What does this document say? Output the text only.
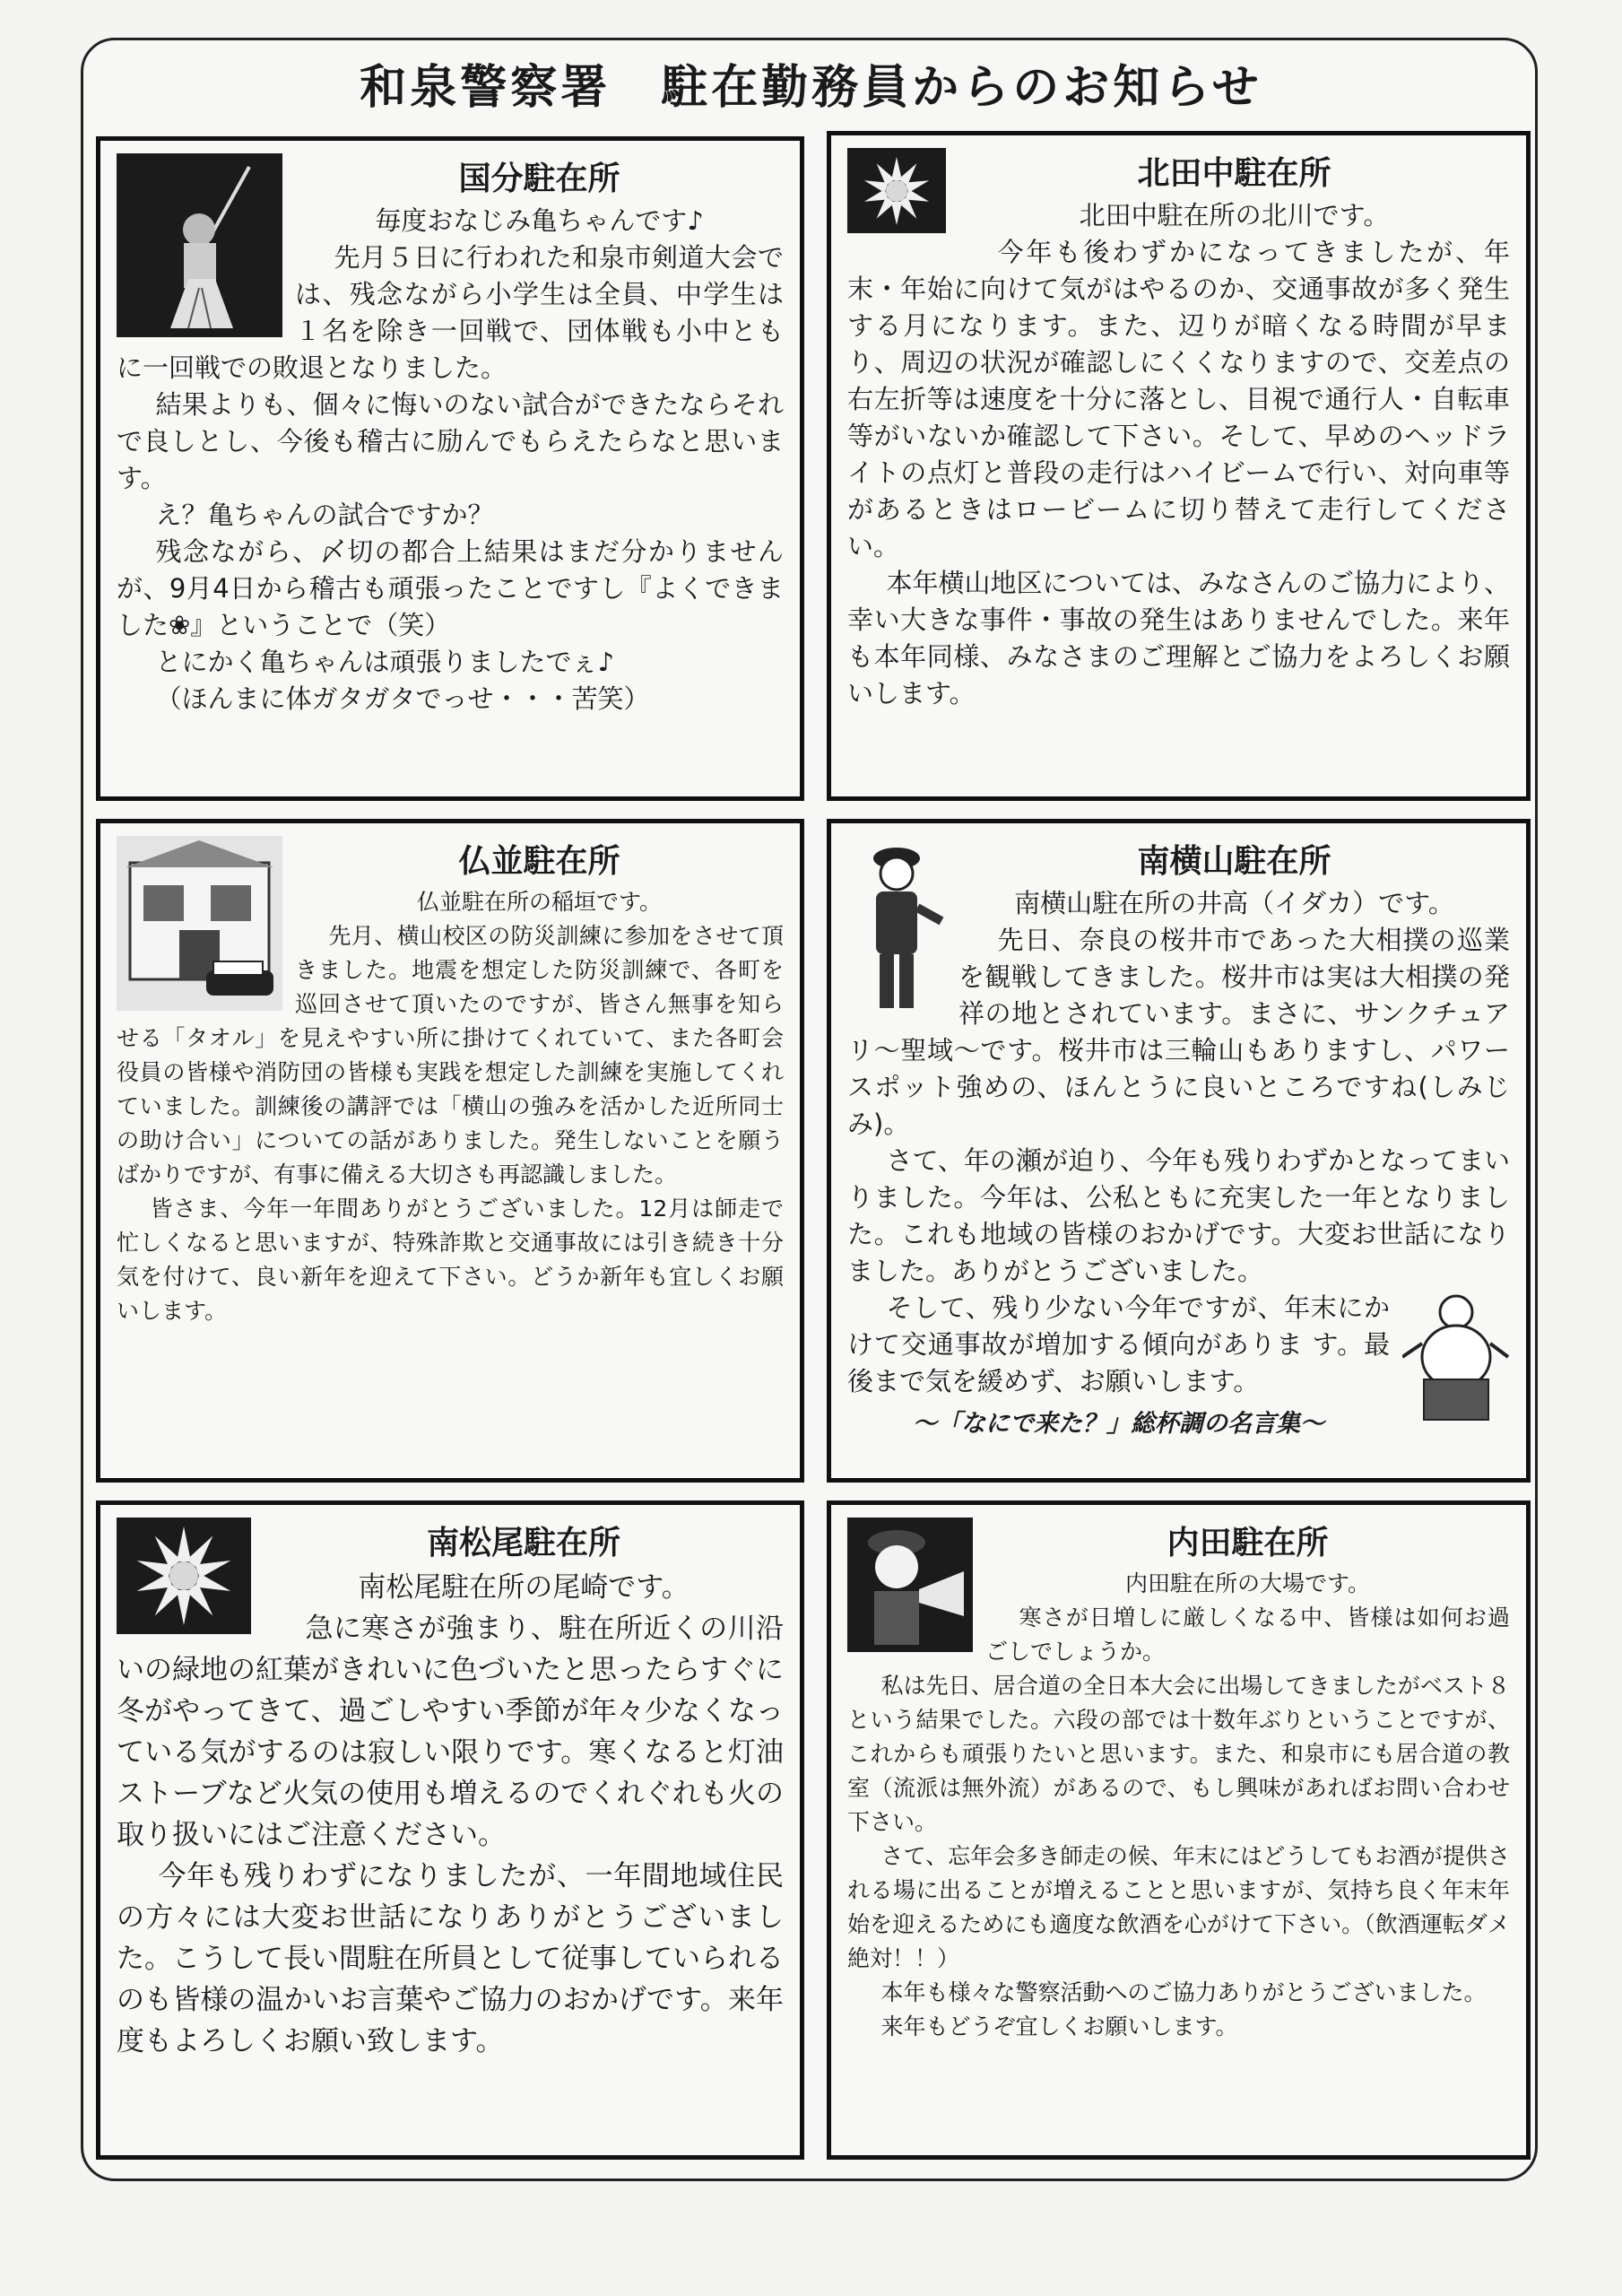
和泉警察署　駐在勤務員からのお知らせ
国分駐在所

毎度おなじみ亀ちゃんです♪

先月５日に行われた和泉市剣道大会では、残念ながら小学生は全員、中学生は１名を除き一回戦で、団体戦も小中ともに一回戦での敗退となりました。

結果よりも、個々に悔いのない試合ができたならそれで良しとし、今後も稽古に励んでもらえたらなと思います。

え？亀ちゃんの試合ですか？

残念ながら、〆切の都合上結果はまだ分かりませんが、9月4日から稽古も頑張ったことですし『よくできました❀』ということで（笑）

とにかく亀ちゃんは頑張りましたでぇ♪

（ほんまに体ガタガタでっせ・・・苦笑）

北田中駐在所

北田中駐在所の北川です。

今年も後わずかになってきましたが、年末・年始に向けて気がはやるのか、交通事故が多く発生する月になります。また、辺りが暗くなる時間が早まり、周辺の状況が確認しにくくなりますので、交差点の右左折等は速度を十分に落とし、目視で通行人・自転車等がいないか確認して下さい。そして、早めのヘッドライトの点灯と普段の走行はハイビームで行い、対向車等があるときはロービームに切り替えて走行してください。

本年横山地区については、みなさんのご協力により、幸い大きな事件・事故の発生はありませんでした。来年も本年同様、みなさまのご理解とご協力をよろしくお願いします。

仏並駐在所

仏並駐在所の稲垣です。

先月、横山校区の防災訓練に参加をさせて頂きました。地震を想定した防災訓練で、各町を巡回させて頂いたのですが、皆さん無事を知らせる「タオル」を見えやすい所に掛けてくれていて、また各町会役員の皆様や消防団の皆様も実践を想定した訓練を実施してくれていました。訓練後の講評では「横山の強みを活かした近所同士の助け合い」についての話がありました。発生しないことを願うばかりですが、有事に備える大切さも再認識しました。

皆さま、今年一年間ありがとうございました。12月は師走で忙しくなると思いますが、特殊詐欺と交通事故には引き続き十分気を付けて、良い新年を迎えて下さい。どうか新年も宜しくお願いします。

南横山駐在所

南横山駐在所の井高（イダカ）です。

先日、奈良の桜井市であった大相撲の巡業を観戦してきました。桜井市は実は大相撲の発祥の地とされています。まさに、サンクチュアリ～聖域～です。桜井市は三輪山もありますし、パワースポット強めの、ほんとうに良いところですね(しみじみ)。

さて、年の瀬が迫り、今年も残りわずかとなってまいりました。今年は、公私ともに充実した一年となりました。これも地域の皆様のおかげです。大変お世話になりました。ありがとうございました。

そして、残り少ない今年ですが、年末にかけて交通事故が増加する傾向がありま す。最後まで気を緩めず、お願いします。

～「なにで来た？」総杯調の名言集～
南松尾駐在所

南松尾駐在所の尾崎です。

急に寒さが強まり、駐在所近くの川沿いの緑地の紅葉がきれいに色づいたと思ったらすぐに冬がやってきて、過ごしやすい季節が年々少なくなっている気がするのは寂しい限りです。寒くなると灯油ストーブなど火気の使用も増えるのでくれぐれも火の取り扱いにはご注意ください。

今年も残りわずになりましたが、一年間地域住民の方々には大変お世話になりありがとうございました。こうして長い間駐在所員として従事していられるのも皆様の温かいお言葉やご協力のおかげです。来年度もよろしくお願い致します。

内田駐在所

内田駐在所の大場です。

寒さが日増しに厳しくなる中、皆様は如何お過ごしでしょうか。

私は先日、居合道の全日本大会に出場してきましたがベスト８という結果でした。六段の部では十数年ぶりということですが、これからも頑張りたいと思います。また、和泉市にも居合道の教室（流派は無外流）があるので、もし興味があればお問い合わせ下さい。

さて、忘年会多き師走の候、年末にはどうしてもお酒が提供される場に出ることが増えることと思いますが、気持ち良く年末年始を迎えるためにも適度な飲酒を心がけて下さい。（飲酒運転ダメ絶対！！）

本年も様々な警察活動へのご協力ありがとうございました。

来年もどうぞ宜しくお願いします。
